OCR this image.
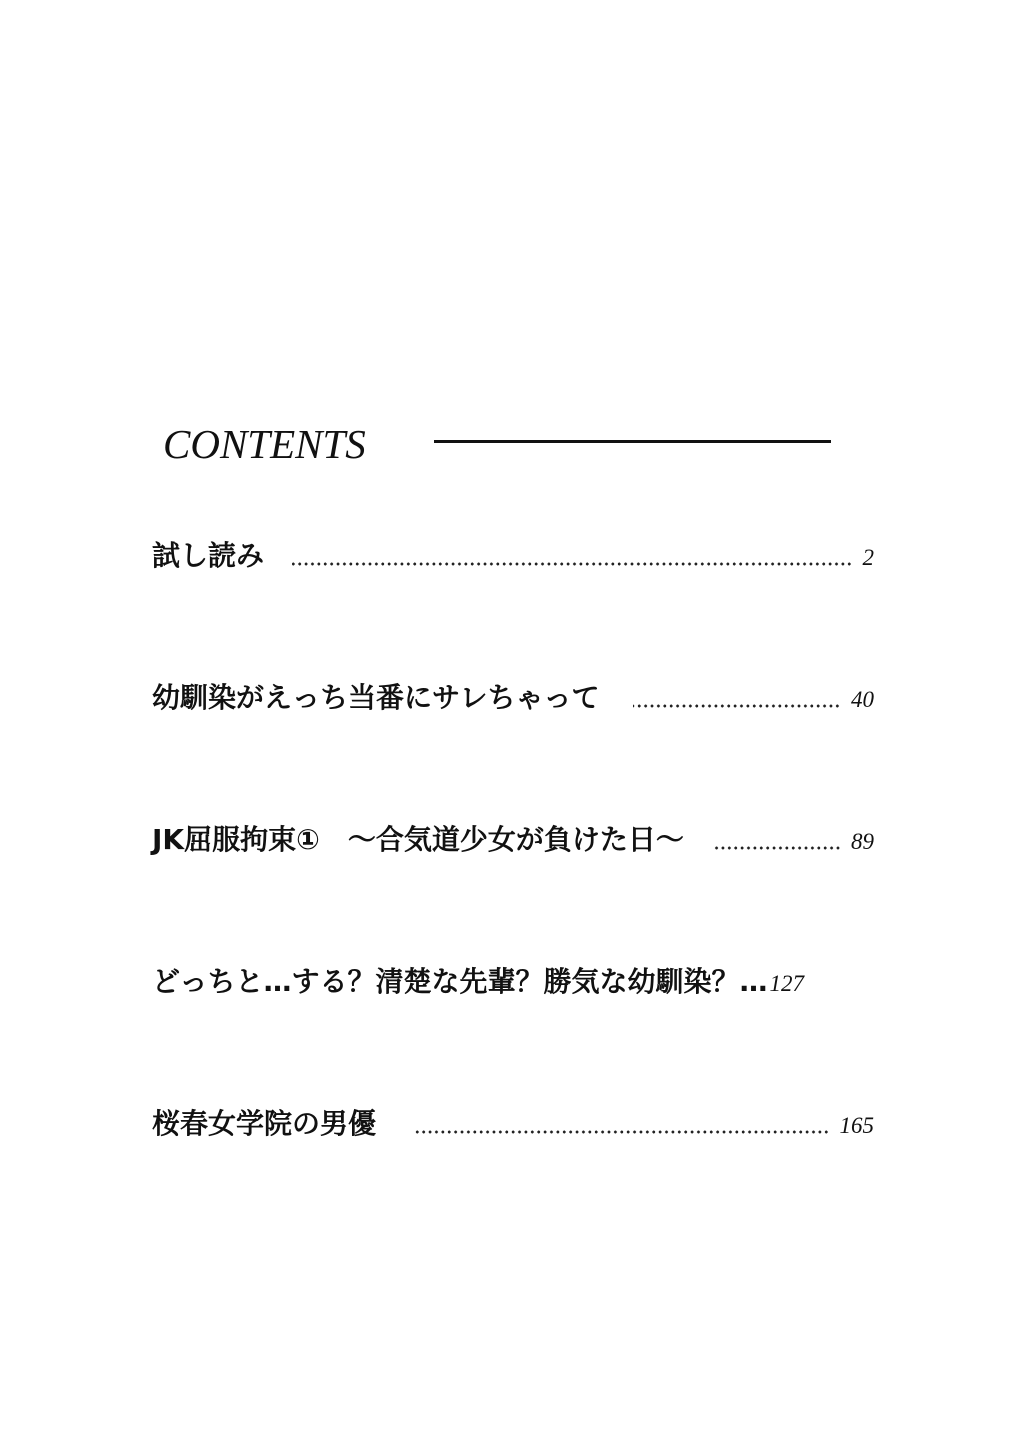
CONTENTS
試し読み	2
幼馴染がえっち当番にサレちゃって	40
JK屈服拘束①　～合気道少女が負けた日～	89
どっちと…する？清楚な先輩？勝気な幼馴染？… 127
桜春女学院の男優	165
